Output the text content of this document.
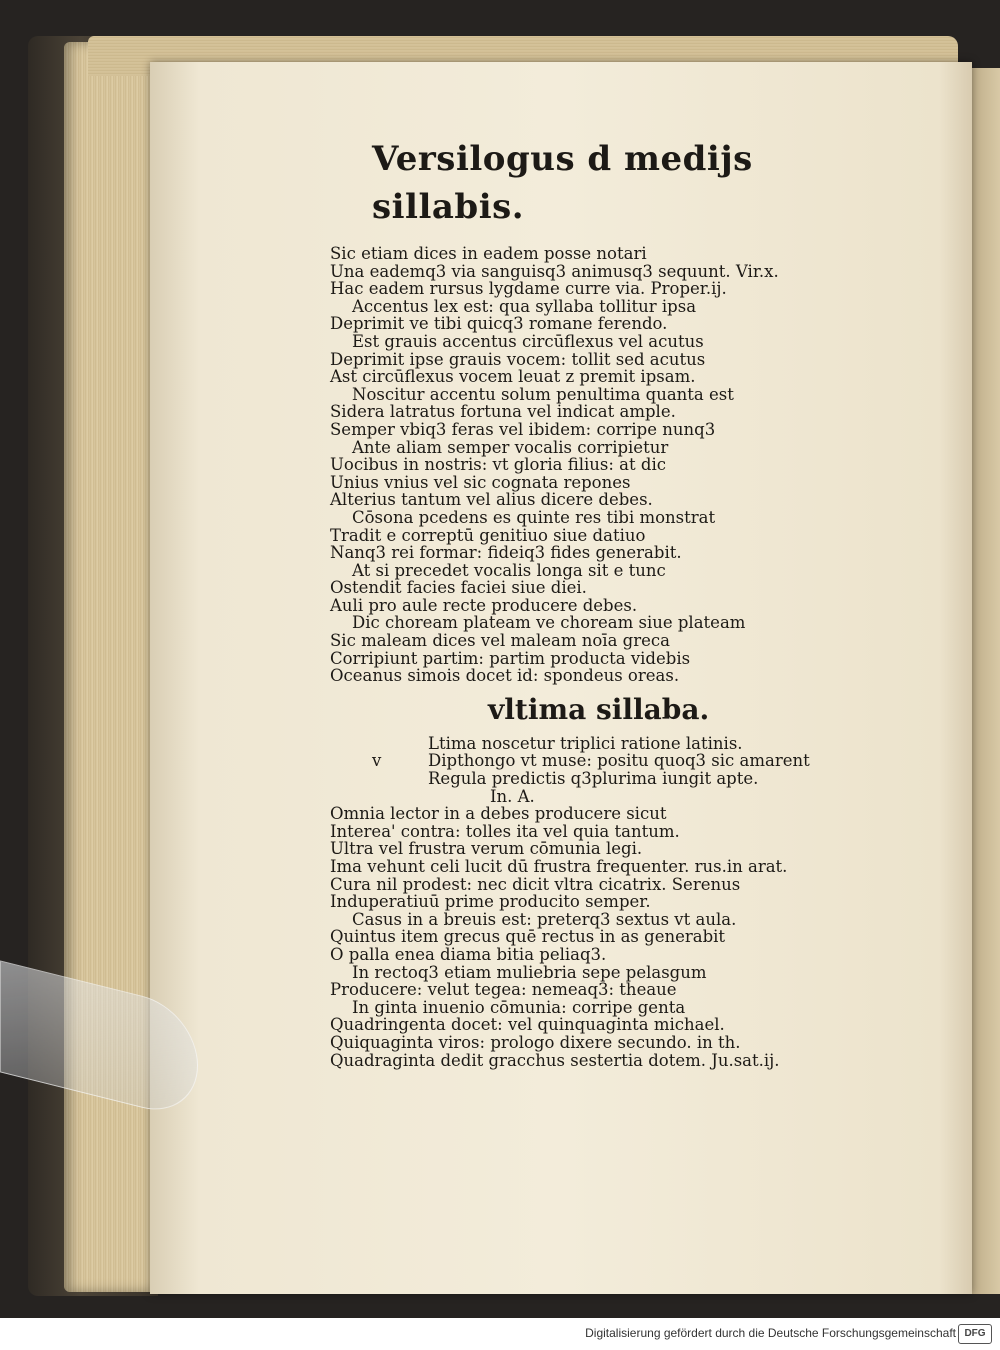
Versilogus d medijs sillabis.
Sic etiam dices in eadem posse notari
Una eademq3 via sanguisq3 animusq3 sequunt. Vir.x.
Hac eadem rursus lygdame curre via. Proper.ij.
Accentus lex est: qua syllaba tollitur ipsa
Deprimit ve tibi quicq3 romane ferendo.
Est grauis accentus circūflexus vel acutus
Deprimit ipse grauis vocem: tollit sed acutus
Ast circūflexus vocem leuat z premit ipsam.
Noscitur accentu solum penultima quanta est
Sidera latratus fortuna vel indicat ample.
Semper vbiq3 feras vel ibidem: corripe nunq3
Ante aliam semper vocalis corripietur
Uocibus in nostris: vt gloria filius: at dic
Unius vnius vel sic cognata repones
Alterius tantum vel alius dicere debes.
Cōsona pcedens es quinte res tibi monstrat
Tradit e correptū genitiuo siue datiuo
Nanq3 rei formar: fideiq3 fides generabit.
At si precedet vocalis longa sit e tunc
Ostendit facies faciei siue diei.
Auli pro aule recte producere debes.
Dic choream plateam ve choream siue plateam
Sic maleam dices vel maleam noīa greca
Corripiunt partim: partim producta videbis
Oceanus simois docet id: spondeus oreas.
vltima sillaba.
Ltima noscetur triplici ratione latinis.
v	Dipthongo vt muse: positu quoq3 sic amarent
Regula predictis q3plurima iungit apte.
In. A.
Omnia lector in a debes producere sicut
Interea' contra: tolles ita vel quia tantum.
Ultra vel frustra verum cōmunia legi.
Ima vehunt celi lucit dū frustra frequenter. rus.in arat.
Cura nil prodest: nec dicit vltra cicatrix. Serenus
Induperatiuū prime producito semper.
Casus in a breuis est: preterq3 sextus vt aula.
Quintus item grecus quē rectus in as generabit
O palla enea diama bitia peliaq3.
In rectoq3 etiam muliebria sepe pelasgum
Producere: velut tegea: nemeaq3: theaue
In ginta inuenio cōmunia: corripe genta
Quadringenta docet: vel quinquaginta michael.
Quiquaginta viros: prologo dixere secundo. in th.
Quadraginta dedit gracchus sestertia dotem. Ju.sat.ij.
Digitalisierung gefördert durch die Deutsche Forschungsgemeinschaft DFG
